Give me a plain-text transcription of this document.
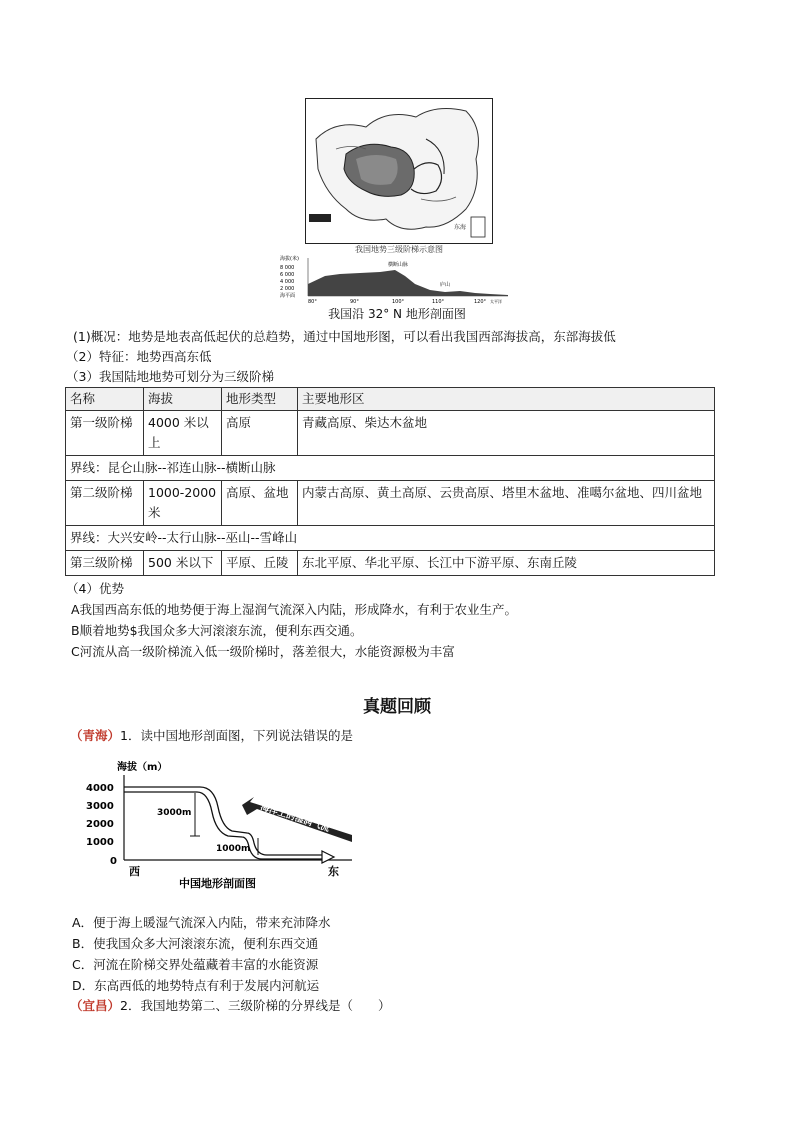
东海
我国地势三级阶梯示意图
海拔(米)
8 000
6 000
4 000
2 000
海平面
横断山脉
庐山
80°	90°	100°	110°	120° 太平洋
我国沿 32° N 地形剖面图
(1)概况：地势是地表高低起伏的总趋势，通过中国地形图，可以看出我国西部海拔高，东部海拔低
（2）特征：地势西高东低
（3）我国陆地地势可划分为三级阶梯
名称	海拔	地形类型	主要地形区
第一级阶梯	4000 米以上	高原	青藏高原、柴达木盆地
界线：昆仑山脉--祁连山脉--横断山脉			
第二级阶梯	1000-2000 米	高原、盆地	内蒙古高原、黄土高原、云贵高原、塔里木盆地、准噶尔盆地、四川盆地
界线：大兴安岭--太行山脉--巫山--雪峰山			
第三级阶梯	500 米以下	平原、丘陵	东北平原、华北平原、长江中下游平原、东南丘陵
（4）优势
A我国西高东低的地势便于海上湿润气流深入内陆，形成降水，有利于农业生产。
B顺着地势$我国众多大河滚滚东流，便利东西交通。
C河流从高一级阶梯流入低一级阶梯时，落差很大，水能资源极为丰富
真题回顾
（青海）1．读中国地形剖面图，下列说法错误的是
海拔（m）
4000
3000
2000
1000
0
3000m
1000m
海洋上的湿润气流
西	东
中国地形剖面图
A．便于海上暖湿气流深入内陆，带来充沛降水
B．使我国众多大河滚滚东流，便利东西交通
C．河流在阶梯交界处蕴藏着丰富的水能资源
D．东高西低的地势特点有利于发展内河航运
（宜昌）2．我国地势第二、三级阶梯的分界线是（　　）
